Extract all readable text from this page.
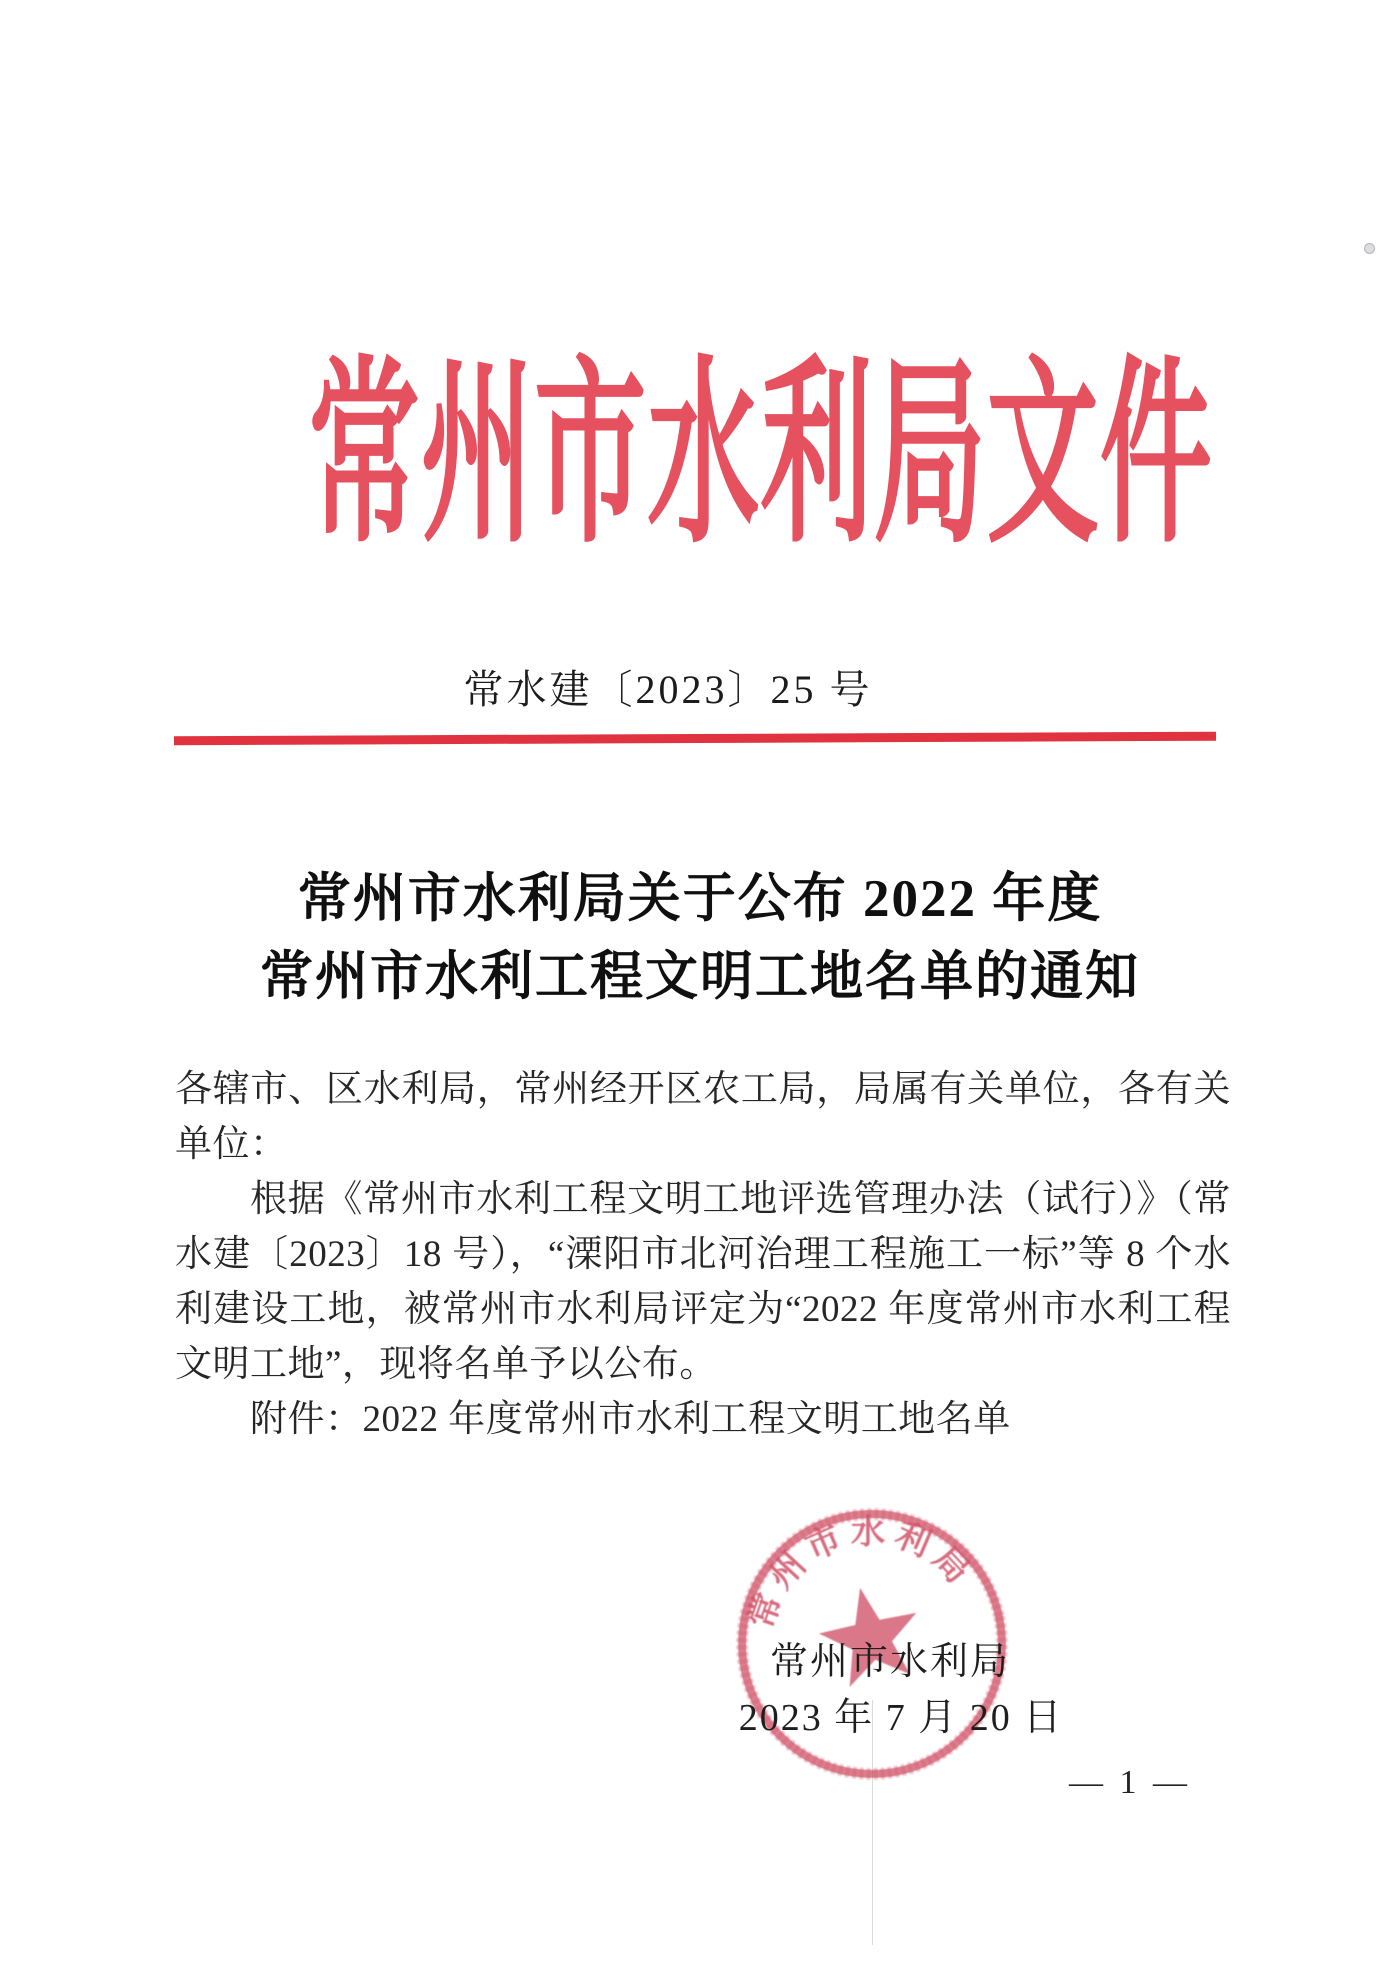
常州市水利局文件
常水建〔2023〕25 号
常州市水利局关于公布 2022 年度
常州市水利工程文明工地名单的通知

各辖市、区水利局，常州经开区农工局，局属有关单位，各有关单位：

根据《常州市水利工程文明工地评选管理办法（试行）》（常水建〔2023〕18 号），“溧阳市北河治理工程施工一标”等 8 个水利建设工地，被常州市水利局评定为“2022 年度常州市水利工程文明工地”，现将名单予以公布。

附件：2022 年度常州市水利工程文明工地名单

常州市水利局
常州市水利局
2023 年 7 月 20 日
— 1 —
